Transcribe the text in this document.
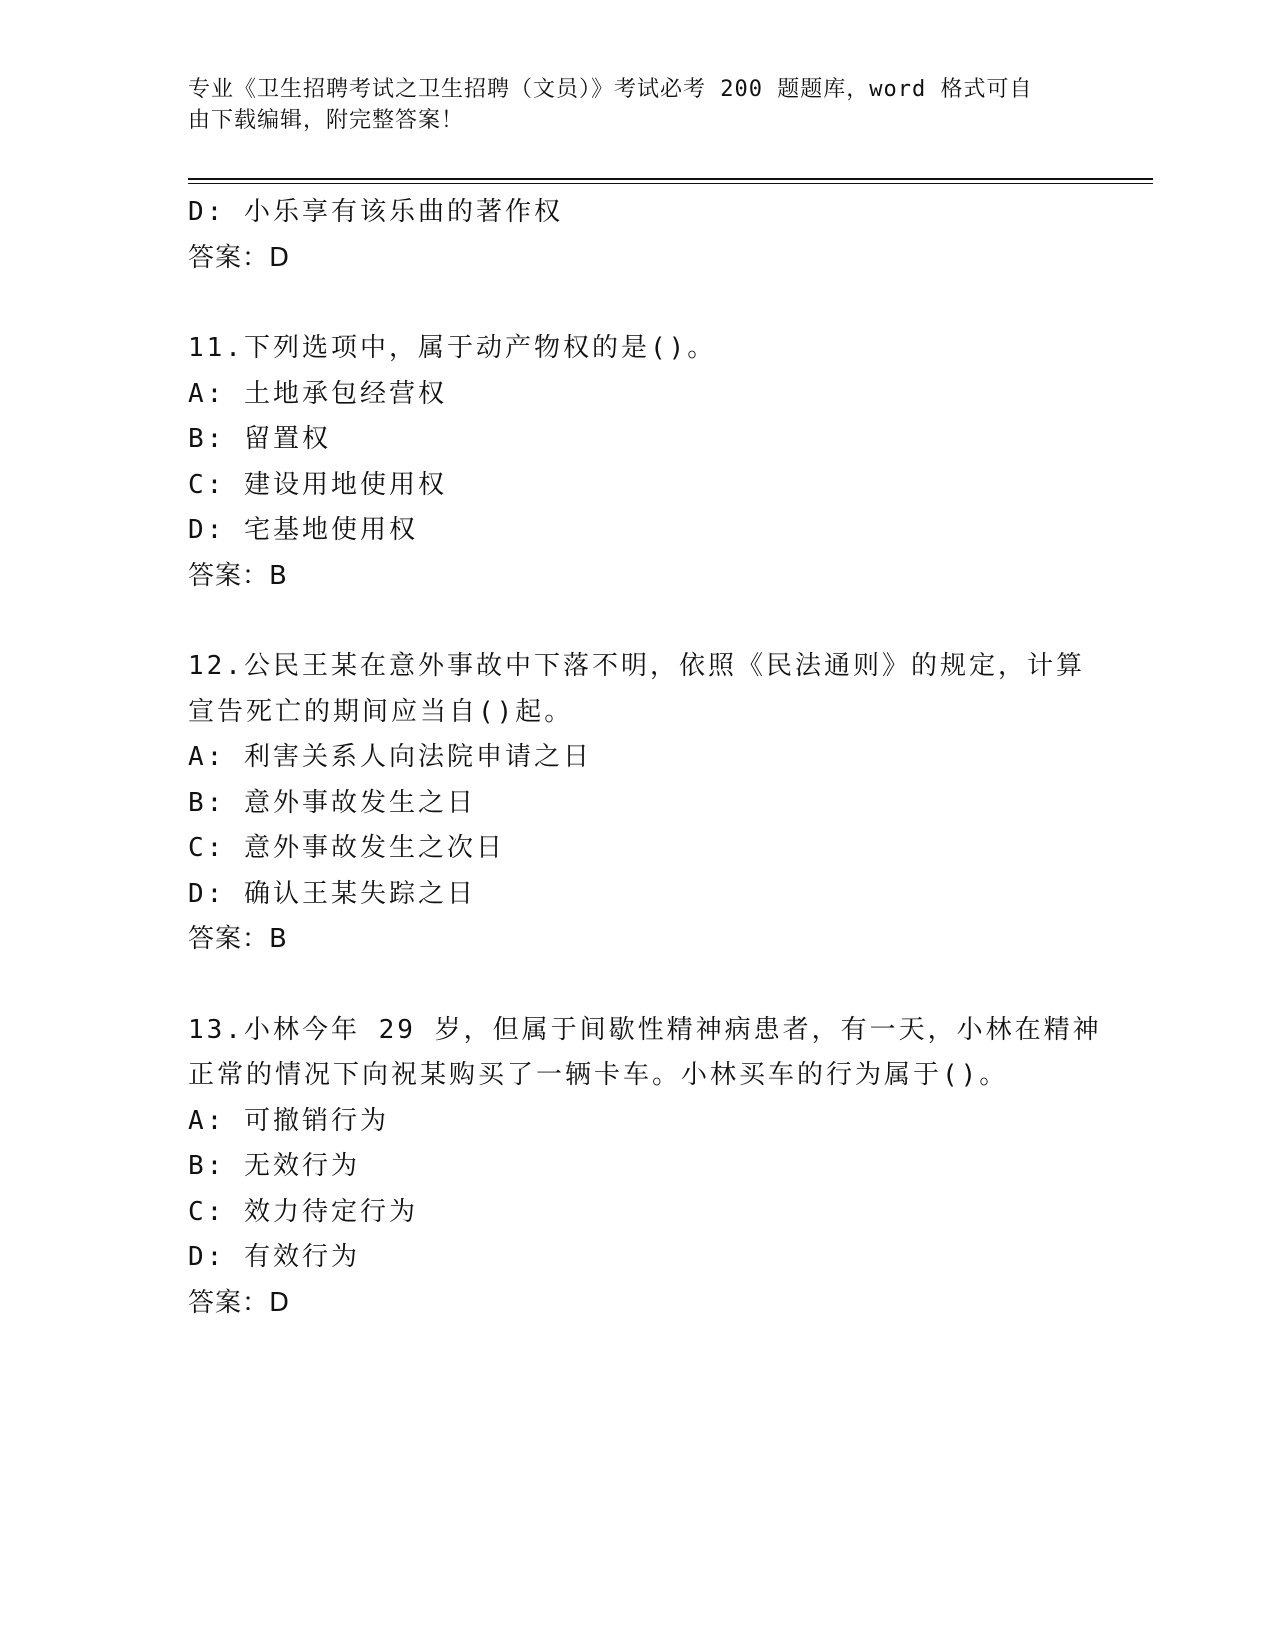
专业《卫生招聘考试之卫生招聘（文员）》考试必考 200 题题库，word 格式可自
由下载编辑，附完整答案！
D: 小乐享有该乐曲的著作权
答案：D
11.下列选项中，属于动产物权的是()。
A: 土地承包经营权
B: 留置权
C: 建设用地使用权
D: 宅基地使用权
答案：B
12.公民王某在意外事故中下落不明，依照《民法通则》的规定，计算
宣告死亡的期间应当自()起。
A: 利害关系人向法院申请之日
B: 意外事故发生之日
C: 意外事故发生之次日
D: 确认王某失踪之日
答案：B
13.小林今年 29 岁，但属于间歇性精神病患者，有一天，小林在精神
正常的情况下向祝某购买了一辆卡车。小林买车的行为属于()。
A: 可撤销行为
B: 无效行为
C: 效力待定行为
D: 有效行为
答案：D
